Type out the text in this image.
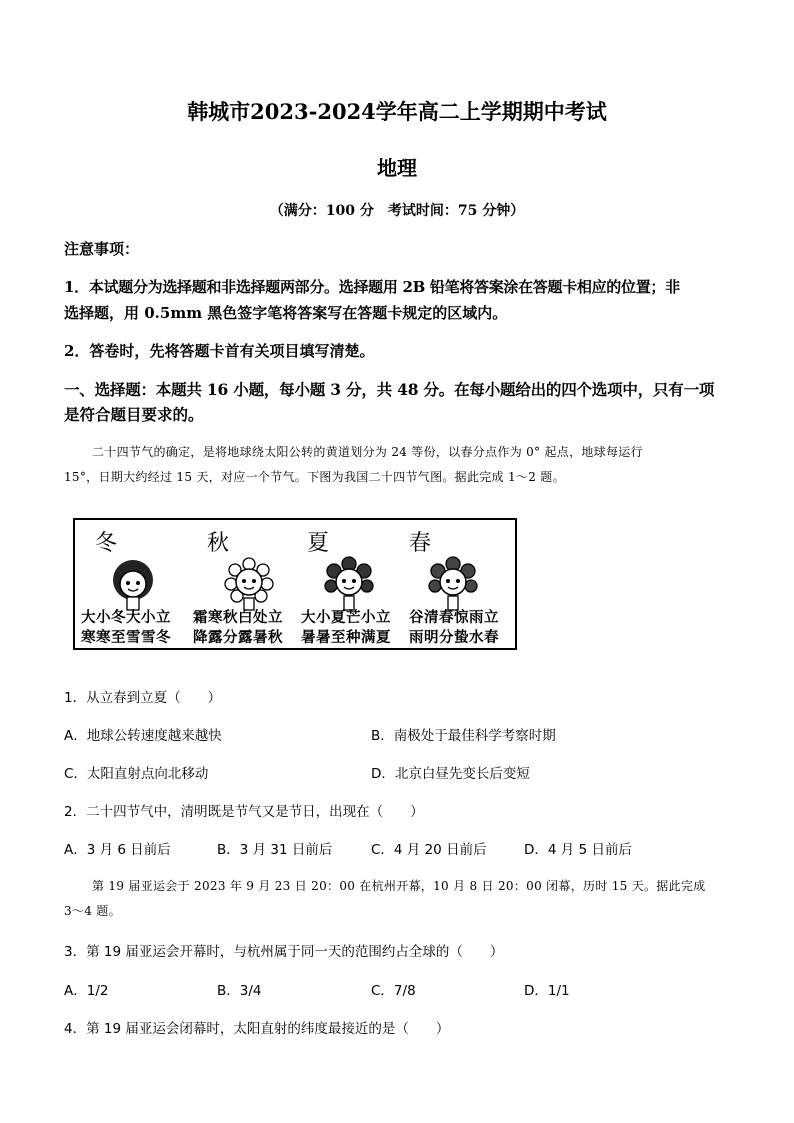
韩城市2023-2024学年高二上学期期中考试
地理
（满分：100 分　考试时间：75 分钟）
注意事项：
1．本试题分为选择题和非选择题两部分。选择题用 2B 铅笔将答案涂在答题卡相应的位置；非
选择题，用 0.5mm 黑色签字笔将答案写在答题卡规定的区域内。
2．答卷时，先将答题卡首有关项目填写清楚。
一、选择题：本题共 16 小题，每小题 3 分，共 48 分。在每小题给出的四个选项中，只有一项
是符合题目要求的。
二十四节气的确定，是将地球绕太阳公转的黄道划分为 24 等份，以春分点作为 0° 起点，地球每运行
15°，日期大约经过 15 天，对应一个节气。下图为我国二十四节气图。据此完成 1～2 题。
冬	秋	夏	春
大小冬大小立
寒寒至雪雪冬
霜寒秋白处立
降露分露暑秋
大小夏芒小立
暑暑至种满夏
谷清春惊雨立
雨明分蛰水春
1．从立春到立夏（　　）
A．地球公转速度越来越快	B．南极处于最佳科学考察时期
C．太阳直射点向北移动	D．北京白昼先变长后变短
2．二十四节气中，清明既是节气又是节日，出现在（　　）
A．3 月 6 日前后	B．3 月 31 日前后	C．4 月 20 日前后	D．4 月 5 日前后
第 19 届亚运会于 2023 年 9 月 23 日 20：00 在杭州开幕，10 月 8 日 20：00 闭幕，历时 15 天。据此完成
3～4 题。
3．第 19 届亚运会开幕时，与杭州属于同一天的范围约占全球的（　　）
A．1/2	B．3/4	C．7/8	D．1/1
4．第 19 届亚运会闭幕时，太阳直射的纬度最接近的是（　　）
